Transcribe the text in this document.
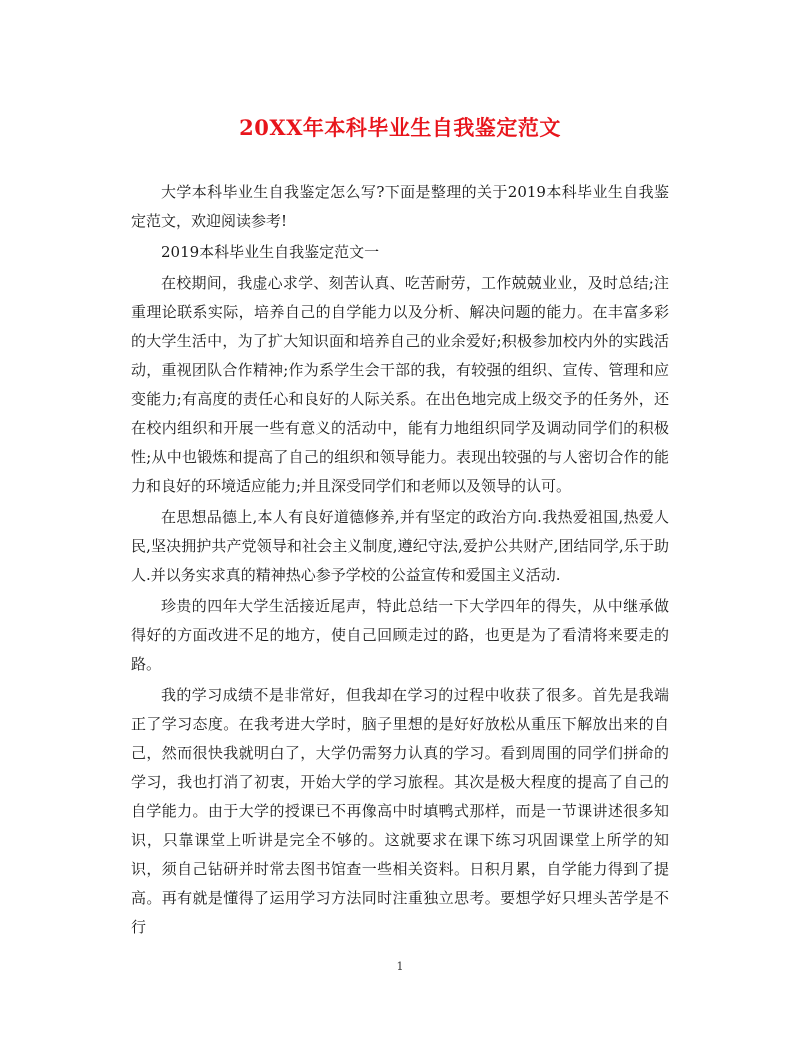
20XX年本科毕业生自我鉴定范文

大学本科毕业生自我鉴定怎么写?下面是整理的关于2019本科毕业生自我鉴定范文，欢迎阅读参考!

2019本科毕业生自我鉴定范文一

在校期间，我虚心求学、刻苦认真、吃苦耐劳，工作兢兢业业，及时总结;注重理论联系实际，培养自己的自学能力以及分析、解决问题的能力。在丰富多彩的大学生活中，为了扩大知识面和培养自己的业余爱好;积极参加校内外的实践活动，重视团队合作精神;作为系学生会干部的我，有较强的组织、宣传、管理和应变能力;有高度的责任心和良好的人际关系。在出色地完成上级交予的任务外，还在校内组织和开展一些有意义的活动中，能有力地组织同学及调动同学们的积极性;从中也锻炼和提高了自己的组织和领导能力。表现出较强的与人密切合作的能力和良好的环境适应能力;并且深受同学们和老师以及领导的认可。

在思想品德上,本人有良好道德修养,并有坚定的政治方向.我热爱祖国,热爱人民,坚决拥护共产党领导和社会主义制度,遵纪守法,爱护公共财产,团结同学,乐于助人.并以务实求真的精神热心参予学校的公益宣传和爱国主义活动.

珍贵的四年大学生活接近尾声，特此总结一下大学四年的得失，从中继承做得好的方面改进不足的地方，使自己回顾走过的路，也更是为了看清将来要走的路。

我的学习成绩不是非常好，但我却在学习的过程中收获了很多。首先是我端正了学习态度。在我考进大学时，脑子里想的是好好放松从重压下解放出来的自己，然而很快我就明白了，大学仍需努力认真的学习。看到周围的同学们拼命的学习，我也打消了初衷，开始大学的学习旅程。其次是极大程度的提高了自己的自学能力。由于大学的授课已不再像高中时填鸭式那样，而是一节课讲述很多知识，只靠课堂上听讲是完全不够的。这就要求在课下练习巩固课堂上所学的知识，须自己钻研并时常去图书馆查一些相关资料。日积月累，自学能力得到了提高。再有就是懂得了运用学习方法同时注重独立思考。要想学好只埋头苦学是不行

1
